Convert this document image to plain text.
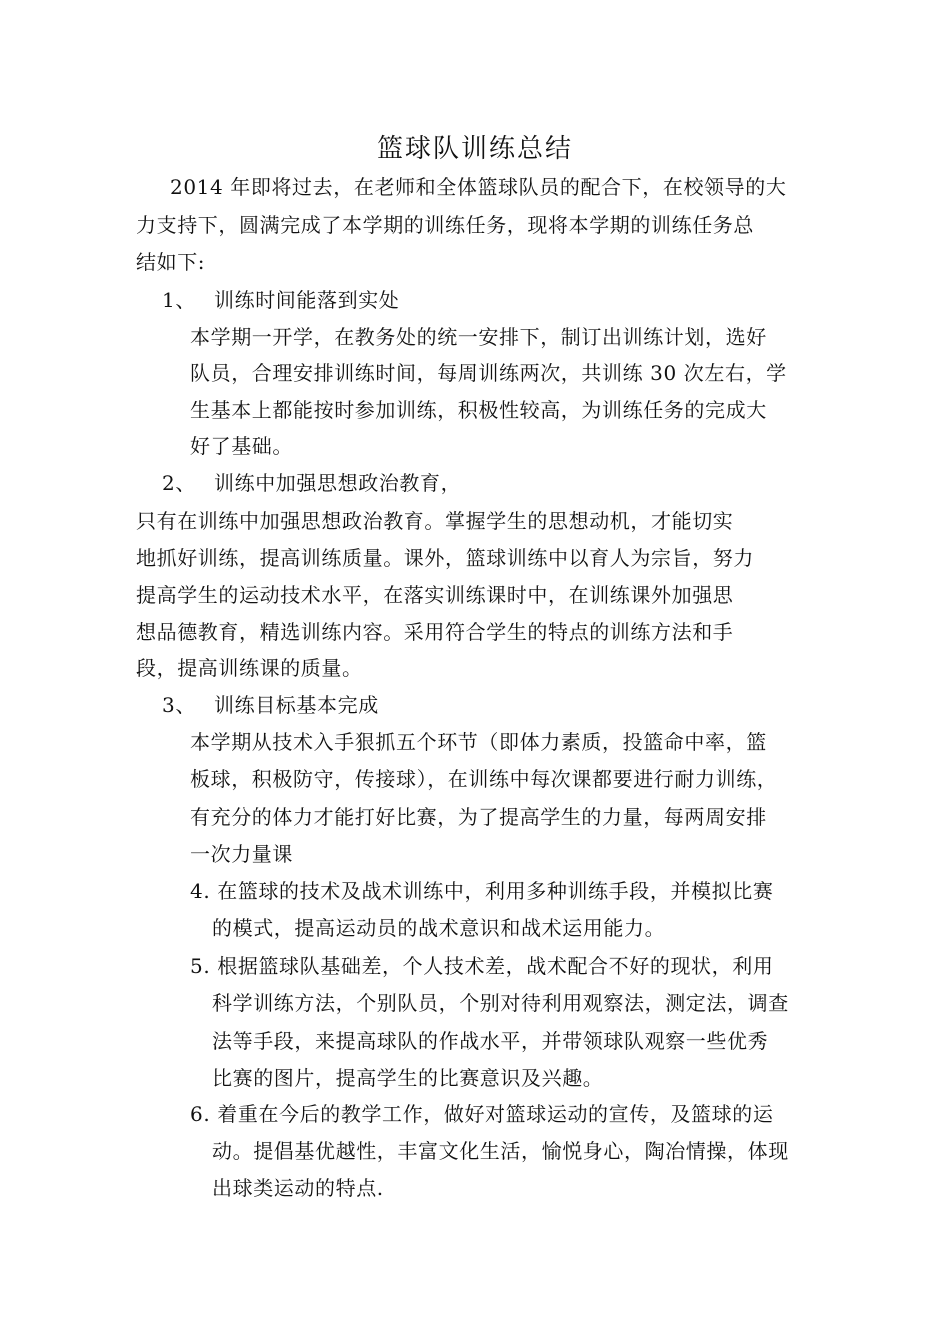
篮球队训练总结
2014 年即将过去，在老师和全体篮球队员的配合下，在校领导的大
力支持下，圆满完成了本学期的训练任务，现将本学期的训练任务总
结如下:
1、 训练时间能落到实处
本学期一开学，在教务处的统一安排下，制订出训练计划，选好
队员，合理安排训练时间，每周训练两次，共训练 30 次左右，学
生基本上都能按时参加训练，积极性较高，为训练任务的完成大
好了基础。
2、 训练中加强思想政治教育，
只有在训练中加强思想政治教育。掌握学生的思想动机，才能切实
地抓好训练，提高训练质量。课外，篮球训练中以育人为宗旨，努力
提高学生的运动技术水平，在落实训练课时中，在训练课外加强思
想品德教育，精选训练内容。采用符合学生的特点的训练方法和手
段，提高训练课的质量。
3、 训练目标基本完成
本学期从技术入手狠抓五个环节（即体力素质，投篮命中率，篮
板球，积极防守，传接球），在训练中每次课都要进行耐力训练，
有充分的体力才能打好比赛，为了提高学生的力量，每两周安排
一次力量课
4. 在篮球的技术及战术训练中，利用多种训练手段，并模拟比赛
的模式，提高运动员的战术意识和战术运用能力。
5. 根据篮球队基础差，个人技术差，战术配合不好的现状，利用
科学训练方法，个别队员，个别对待利用观察法，测定法，调查
法等手段，来提高球队的作战水平，并带领球队观察一些优秀
比赛的图片，提高学生的比赛意识及兴趣。
6. 着重在今后的教学工作，做好对篮球运动的宣传，及篮球的运
动。提倡基优越性，丰富文化生活，愉悦身心，陶冶情操，体现
出球类运动的特点.
